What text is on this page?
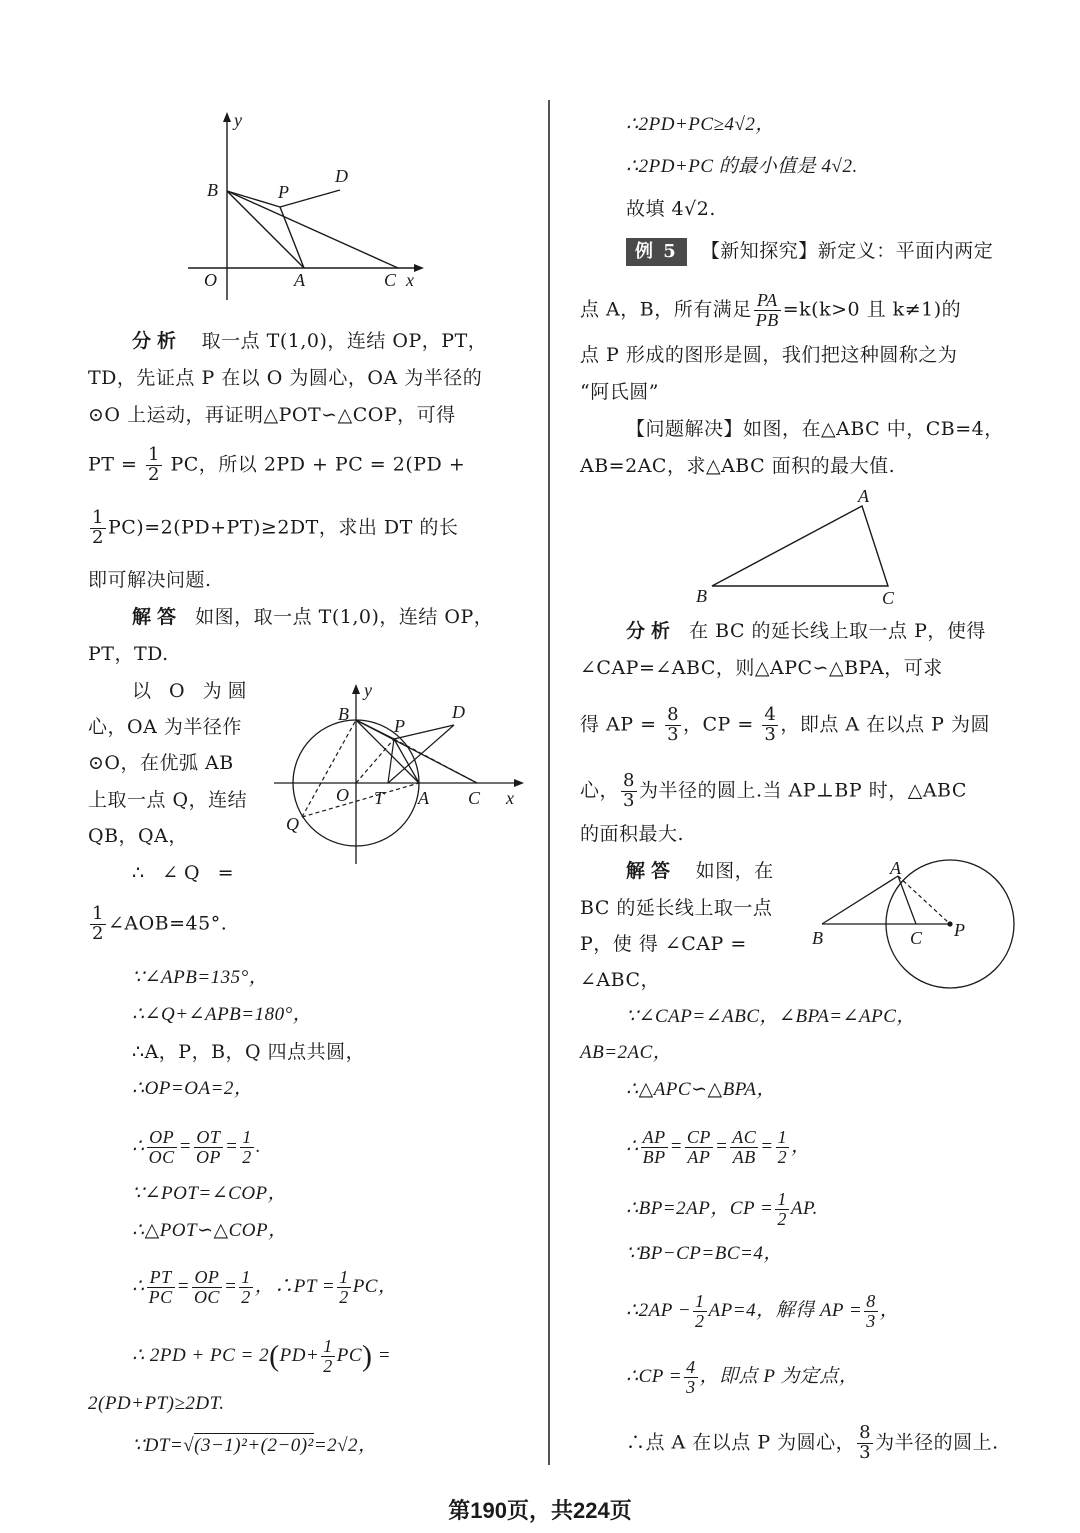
y
x
O	A
B
C
P
D
分析 取一点 T(1,0)，连结 OP，PT，
TD，先证点 P 在以 O 为圆心，OA 为半径的
⊙O 上运动，再证明△POT∽△COP，可得
PT = $\frac{1}{2}$ PC，所以 2PD + PC = 2(PD +
$\frac{1}{2} PC)=2(PD+PT)\ge 2DT$，求出 DT 的长
即可解决问题.
解答 如图，取一点 T(1,0)，连结 OP，
PT，TD.
以 O 为圆
心，OA 为半径作
⊙O，在优弧 AB
上取一点 Q，连结
QB，QA，
∴ ∠Q =
$\frac{1}{2}$ ∠AOB=45°.
y
x
B
P
D
O T A C
Q
∵∠APB=135°，
∴∠Q+∠APB=180°，
∴A，P，B，Q 四点共圆，
∴OP=OA=2，
∴ $\frac{OP}{OC} = \frac{OT}{OP} = \frac{1}{2}$ .
∵∠POT=∠COP，
∴△POT∽△COP，
∴ $\frac{PT}{PC} = \frac{OP}{OC} = \frac{1}{2}$ ，∴PT = $\frac{1}{2}$ PC，
∴ 2PD + PC = $2(PD+ \frac{1}{2} PC)$ =
2(PD+PT)≥2DT.
∵DT=√(3−1)²+(2−0)²=2√2，
∴2PD+PC≥4√2，
∴2PD+PC 的最小值是 4√2.
故填 4√2.
例 5 【新知探究】新定义：平面内两定
点 A，B，所有满足 $\frac{PA}{PB} =k(k>0$ 且 k≠1)的
点 P 形成的图形是圆，我们把这种圆称之为
“阿氏圆”
【问题解决】如图，在△ABC 中，CB=4，
AB=2AC，求△ABC 面积的最大值.
A
B	C
分析 在 BC 的延长线上取一点 P，使得
∠CAP=∠ABC，则△APC∽△BPA，可求
得 AP = $\frac{8}{3}$ ，CP = $\frac{4}{3}$ ，即点 A 在以点 P 为圆
心， $\frac{8}{3}$ 为半径的圆上.当 AP⊥BP 时，△ABC
的面积最大.
解答 如图，在
BC 的延长线上取一点
P，使 得 ∠CAP =
∠ABC，
A
B	C P
∵∠CAP=∠ABC，∠BPA=∠APC，
AB=2AC，
∴△APC∽△BPA，
∴ $\frac{AP}{BP} = \frac{CP}{AP} = \frac{AC}{AB} = \frac{1}{2}$ ，
∴BP=2AP，CP = $\frac{1}{2}$ AP.
∵BP−CP=BC=4，
∴2AP − $\frac{1}{2} AP=4$，解得 AP = $\frac{8}{3}$ ，
∴CP = $\frac{4}{3}$ ，即点 P 为定点，
∴点 A 在以点 P 为圆心， $\frac{8}{3}$ 为半径的圆上.
第190页，共224页
